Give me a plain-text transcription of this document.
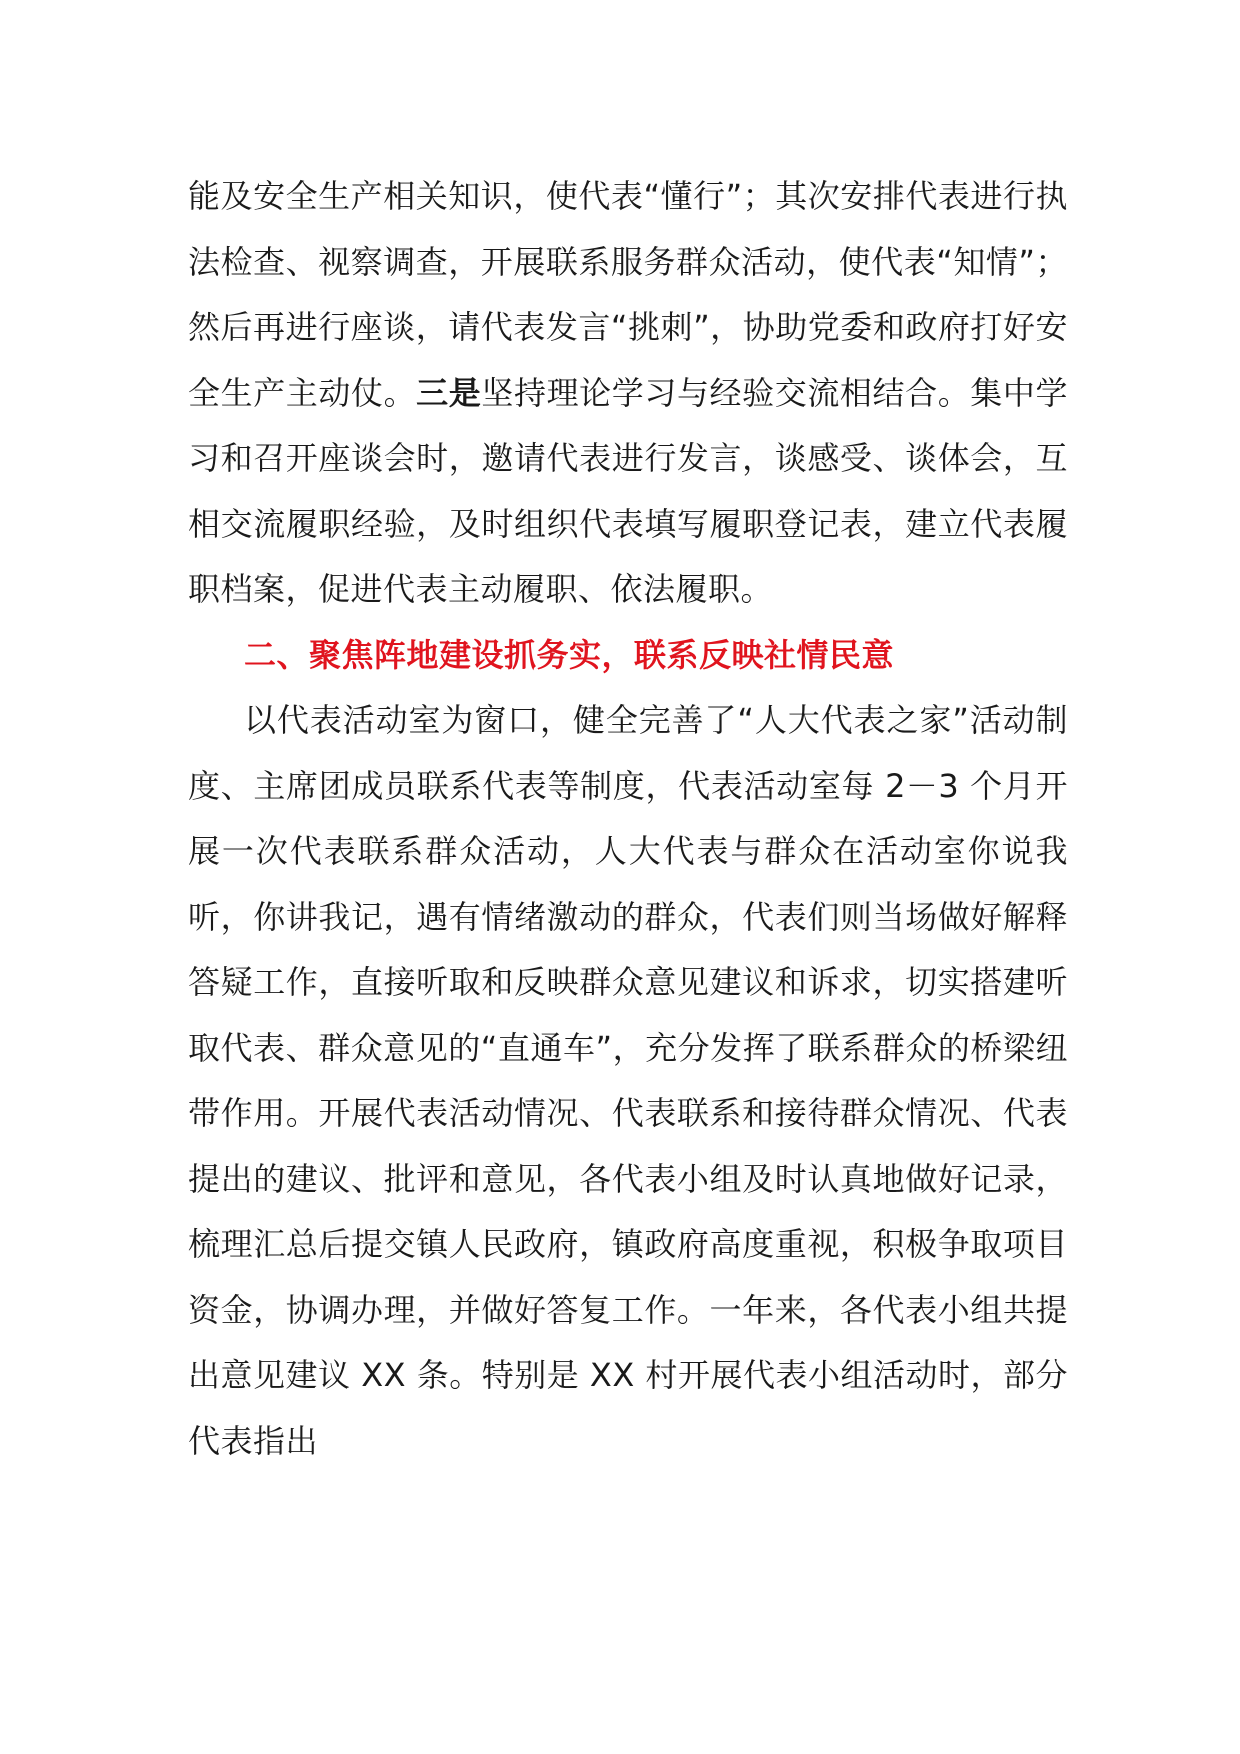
能及安全生产相关知识，使代表“懂行”；其次安排代表进行执法检查、视察调查，开展联系服务群众活动，使代表“知情”；然后再进行座谈，请代表发言“挑刺”，协助党委和政府打好安全生产主动仗。三是坚持理论学习与经验交流相结合。集中学习和召开座谈会时，邀请代表进行发言，谈感受、谈体会，互相交流履职经验，及时组织代表填写履职登记表，建立代表履职档案，促进代表主动履职、依法履职。

二、聚焦阵地建设抓务实，联系反映社情民意

以代表活动室为窗口，健全完善了“人大代表之家”活动制度、主席团成员联系代表等制度，代表活动室每 2－3 个月开展一次代表联系群众活动，人大代表与群众在活动室你说我听，你讲我记，遇有情绪激动的群众，代表们则当场做好解释答疑工作，直接听取和反映群众意见建议和诉求，切实搭建听取代表、群众意见的“直通车”，充分发挥了联系群众的桥梁纽带作用。开展代表活动情况、代表联系和接待群众情况、代表提出的建议、批评和意见，各代表小组及时认真地做好记录，梳理汇总后提交镇人民政府，镇政府高度重视，积极争取项目资金，协调办理，并做好答复工作。一年来，各代表小组共提出意见建议 XX 条。特别是 XX 村开展代表小组活动时，部分代表指出
